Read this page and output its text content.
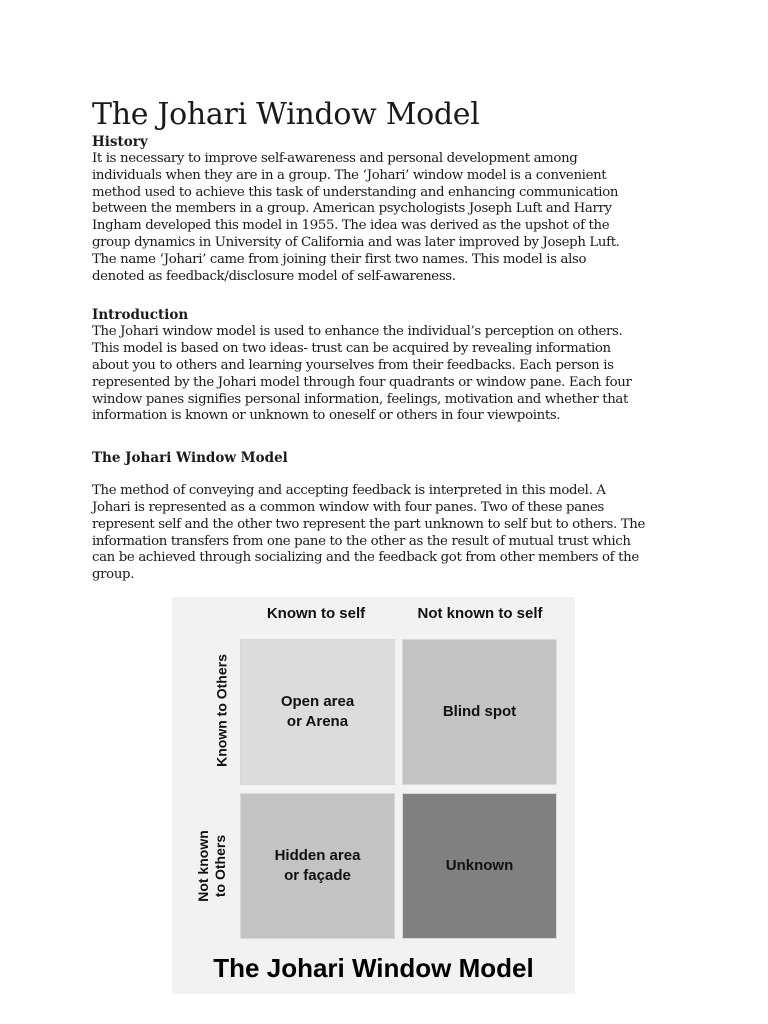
The Johari Window Model
History

It is necessary to improve self-awareness and personal development among
individuals when they are in a group. The ‘Johari’ window model is a convenient
method used to achieve this task of understanding and enhancing communication
between the members in a group. American psychologists Joseph Luft and Harry
Ingham developed this model in 1955. The idea was derived as the upshot of the
group dynamics in University of California and was later improved by Joseph Luft.
The name ‘Johari’ came from joining their first two names. This model is also
denoted as feedback/disclosure model of self-awareness.

Introduction

The Johari window model is used to enhance the individual’s perception on others.
This model is based on two ideas- trust can be acquired by revealing information
about you to others and learning yourselves from their feedbacks. Each person is
represented by the Johari model through four quadrants or window pane. Each four
window panes signifies personal information, feelings, motivation and whether that
information is known or unknown to oneself or others in four viewpoints.

The Johari Window Model

The method of conveying and accepting feedback is interpreted in this model. A
Johari is represented as a common window with four panes. Two of these panes
represent self and the other two represent the part unknown to self but to others. The
information transfers from one pane to the other as the result of mutual trust which
can be achieved through socializing and the feedback got from other members of the
group.

Known to self	Not known to self
Known to Others
Not known
to Others
Open area
or Arena
Blind spot
Hidden area
or façade
Unknown
The Johari Window Model
